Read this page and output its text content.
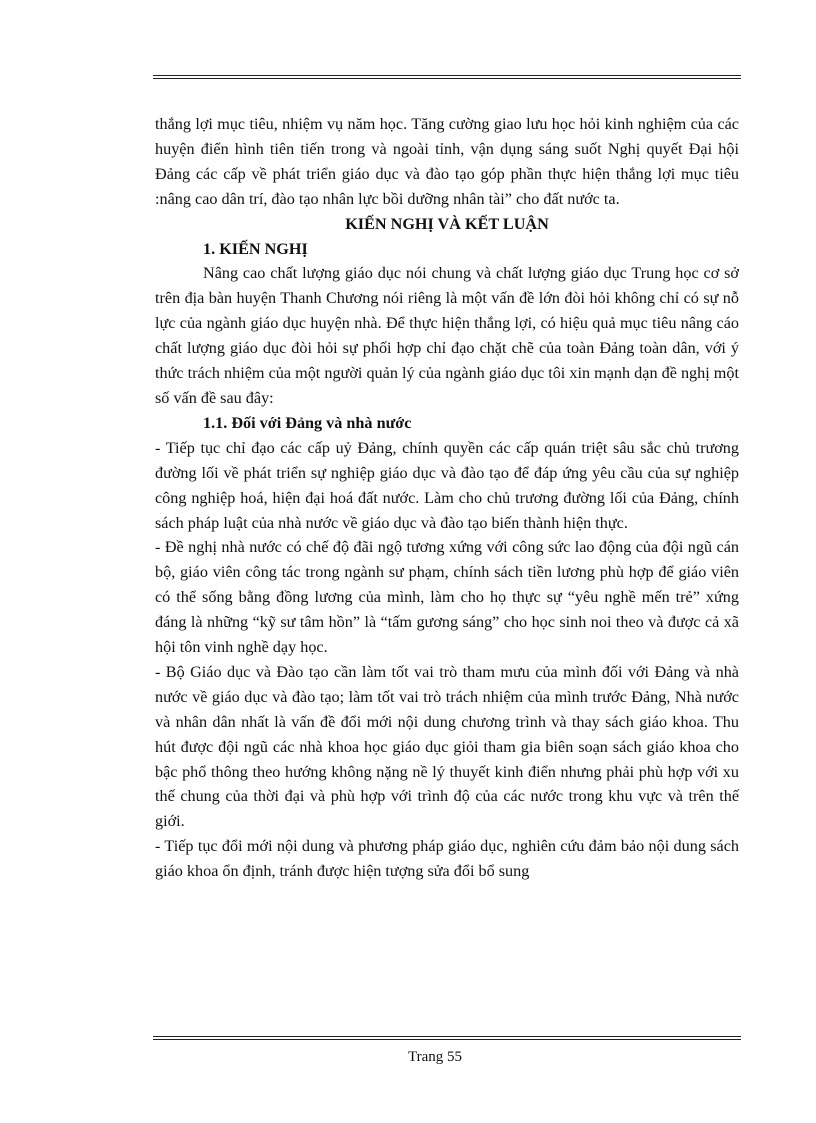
thắng lợi mục tiêu, nhiệm vụ năm học. Tăng cường giao lưu học hỏi kinh nghiệm của các huyện điển hình tiên tiến trong và ngoài tỉnh, vận dụng sáng suốt Nghị quyết Đại hội Đảng các cấp về phát triển giáo dục và đào tạo góp phần thực hiện thắng lợi mục tiêu :nâng cao dân trí, đào tạo nhân lực bồi dưỡng nhân tài” cho đất nước ta.

KIẾN NGHỊ VÀ KẾT LUẬN

1. KIẾN NGHỊ

Nâng cao chất lượng giáo dục nói chung và chất lượng giáo dục Trung học cơ sở trên địa bàn huyện Thanh Chương nói riêng là một vấn đề lớn đòi hỏi không chỉ có sự nỗ lực của ngành giáo dục huyện nhà. Để thực hiện thắng lợi, có hiệu quả mục tiêu nâng cáo chất lượng giáo dục đòi hỏi sự phối hợp chỉ đạo chặt chẽ của toàn Đảng toàn dân, với ý thức trách nhiệm của một người quản lý của ngành giáo dục tôi xin mạnh dạn đề nghị một số vấn đề sau đây:

1.1. Đối với Đảng và nhà nước

- Tiếp tục chỉ đạo các cấp uỷ Đảng, chính quyền các cấp quán triệt sâu sắc chủ trương đường lối về phát triển sự nghiệp giáo dục và đào tạo để đáp ứng yêu cầu của sự nghiệp công nghiệp hoá, hiện đại hoá đất nước. Làm cho chủ trương đường lối của Đảng, chính sách pháp luật của nhà nước về giáo dục và đào tạo biến thành hiện thực.

- Đề nghị nhà nước có chế độ đãi ngộ tương xứng với công sức lao động của đội ngũ cán bộ, giáo viên công tác trong ngành sư phạm, chính sách tiền lương phù hợp để giáo viên có thể sống bằng đồng lương của mình, làm cho họ thực sự “yêu nghề mến trẻ” xứng đáng là những “kỹ sư tâm hồn” là “tấm gương sáng” cho học sinh noi theo và được cả xã hội tôn vinh nghề dạy học.

- Bộ Giáo dục và Đào tạo cần làm tốt vai trò tham mưu của mình đối với Đảng và nhà nước về giáo dục và đào tạo; làm tốt vai trò trách nhiệm của mình trước Đảng, Nhà nước và nhân dân nhất là vấn đề đổi mới nội dung chương trình và thay sách giáo khoa. Thu hút được đội ngũ các nhà khoa học giáo dục giỏi tham gia biên soạn sách giáo khoa cho bậc phổ thông theo hướng không nặng nề lý thuyết kinh điển nhưng phải phù hợp với xu thế chung của thời đại và phù hợp với trình độ của các nước trong khu vực và trên thế giới.

- Tiếp tục đổi mới nội dung và phương pháp giáo dục, nghiên cứu đảm bảo nội dung sách giáo khoa ổn định, tránh được hiện tượng sửa đổi bổ sung

Trang 55
